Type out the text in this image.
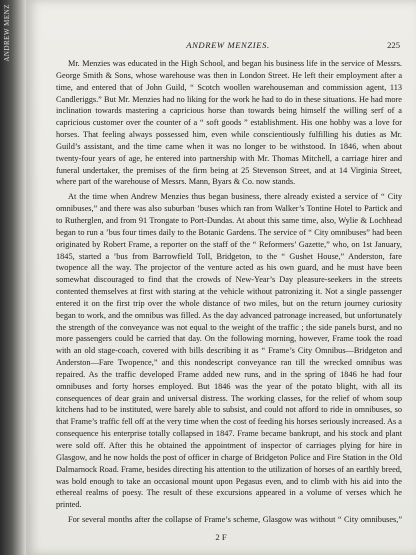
ANDREW MENZ	ANDREW MENZIES.	225

Mr. Menzies was educated in the High School, and began his business life in the service of Messrs. George Smith & Sons, whose warehouse was then in London Street. He left their employment after a time, and entered that of John Guild, “ Scotch woollen warehouseman and commission agent, 113 Candleriggs.” But Mr. Menzies had no liking for the work he had to do in these situations. He had more inclination towards mastering a capricious horse than towards being himself the willing serf of a capricious customer over the counter of a “ soft goods ” establishment. His one hobby was a love for horses. That feeling always possessed him, even while conscientiously fulfilling his duties as Mr. Guild’s assistant, and the time came when it was no longer to be withstood. In 1846, when about twenty-four years of age, he entered into partnership with Mr. Thomas Mitchell, a carriage hirer and funeral undertaker, the premises of the firm being at 25 Stevenson Street, and at 14 Virginia Street, where part of the warehouse of Messrs. Mann, Byars & Co. now stands.

At the time when Andrew Menzies thus began business, there already existed a service of “ City omnibuses,” and there was also suburban ’buses which ran from Walker’s Tontine Hotel to Partick and to Rutherglen, and from 91 Trongate to Port-Dundas. At about this same time, also, Wylie & Lochhead began to run a ’bus four times daily to the Botanic Gardens. The service of “ City omnibuses” had been originated by Robert Frame, a reporter on the staff of the “ Reformers’ Gazette,” who, on 1st January, 1845, started a ’bus from Barrowfield Toll, Bridgeton, to the “ Gushet House,” Anderston, fare twopence all the way. The projector of the venture acted as his own guard, and he must have been somewhat discouraged to find that the crowds of New-Year’s Day pleasure-seekers in the streets contented themselves at first with staring at the vehicle without patronizing it. Not a single passenger entered it on the first trip over the whole distance of two miles, but on the return journey curiosity began to work, and the omnibus was filled. As the day advanced patronage increased, but unfortunately the strength of the conveyance was not equal to the weight of the traffic ; the side panels burst, and no more passengers could be carried that day. On the following morning, however, Frame took the road with an old stage-coach, covered with bills describing it as “ Frame’s City Omnibus—Bridgeton and Anderston—Fare Twopence,” and this nondescript conveyance ran till the wrecked omnibus was repaired. As the traffic developed Frame added new runs, and in the spring of 1846 he had four omnibuses and forty horses employed. But 1846 was the year of the potato blight, with all its consequences of dear grain and universal distress. The working classes, for the relief of whom soup kitchens had to be instituted, were barely able to subsist, and could not afford to ride in omnibuses, so that Frame’s traffic fell off at the very time when the cost of feeding his horses seriously increased. As a consequence his enterprise totally collapsed in 1847. Frame became bankrupt, and his stock and plant were sold off. After this he obtained the appointment of inspector of carriages plying for hire in Glasgow, and he now holds the post of officer in charge of Bridgeton Police and Fire Station in the Old Dalmarnock Road. Frame, besides directing his attention to the utilization of horses of an earthly breed, was bold enough to take an occasional mount upon Pegasus even, and to climb with his aid into the ethereal realms of poesy. The result of these excursions appeared in a volume of verses which he printed.

For several months after the collapse of Frame’s scheme, Glasgow was without “ City omnibuses,”

2 F
